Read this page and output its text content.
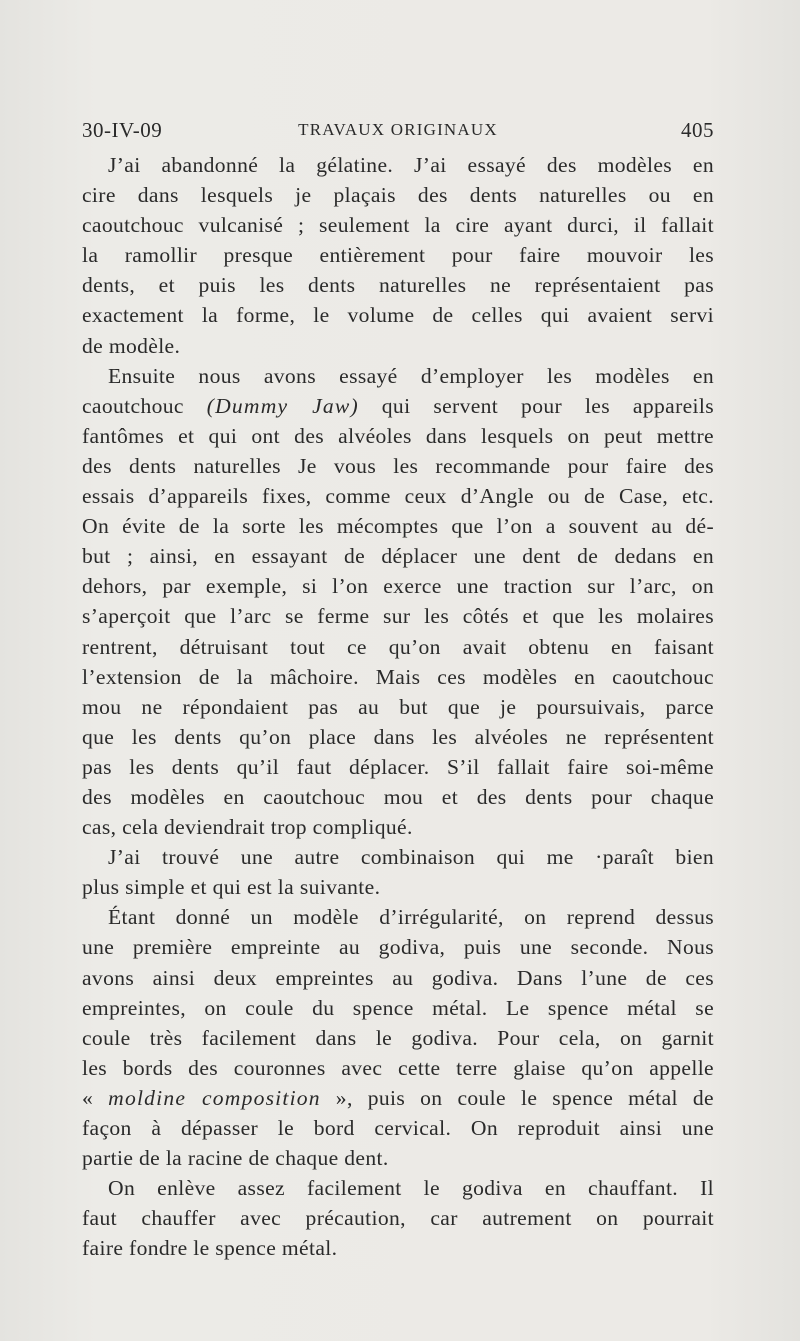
30-IV-09	TRAVAUX ORIGINAUX	405
J’ai abandonné la gélatine. J’ai essayé des modèles en
cire dans lesquels je plaçais des dents naturelles ou en
caoutchouc vulcanisé ; seulement la cire ayant durci, il fallait
la ramollir presque entièrement pour faire mouvoir les
dents, et puis les dents naturelles ne représentaient pas
exactement la forme, le volume de celles qui avaient servi
de modèle.
Ensuite nous avons essayé d’employer les modèles en
caoutchouc (Dummy Jaw) qui servent pour les appareils
fantômes et qui ont des alvéoles dans lesquels on peut mettre
des dents naturelles Je vous les recommande pour faire des
essais d’appareils fixes, comme ceux d’Angle ou de Case, etc.
On évite de la sorte les mécomptes que l’on a souvent au dé-
but ; ainsi, en essayant de déplacer une dent de dedans en
dehors, par exemple, si l’on exerce une traction sur l’arc, on
s’aperçoit que l’arc se ferme sur les côtés et que les molaires
rentrent, détruisant tout ce qu’on avait obtenu en faisant
l’extension de la mâchoire. Mais ces modèles en caoutchouc
mou ne répondaient pas au but que je poursuivais, parce
que les dents qu’on place dans les alvéoles ne représentent
pas les dents qu’il faut déplacer. S’il fallait faire soi-même
des modèles en caoutchouc mou et des dents pour chaque
cas, cela deviendrait trop compliqué.
J’ai trouvé une autre combinaison qui me ·paraît bien
plus simple et qui est la suivante.
Étant donné un modèle d’irrégularité, on reprend dessus
une première empreinte au godiva, puis une seconde. Nous
avons ainsi deux empreintes au godiva. Dans l’une de ces
empreintes, on coule du spence métal. Le spence métal se
coule très facilement dans le godiva. Pour cela, on garnit
les bords des couronnes avec cette terre glaise qu’on appelle
« moldine composition », puis on coule le spence métal de
façon à dépasser le bord cervical. On reproduit ainsi une
partie de la racine de chaque dent.
On enlève assez facilement le godiva en chauffant. Il
faut chauffer avec précaution, car autrement on pourrait
faire fondre le spence métal.
